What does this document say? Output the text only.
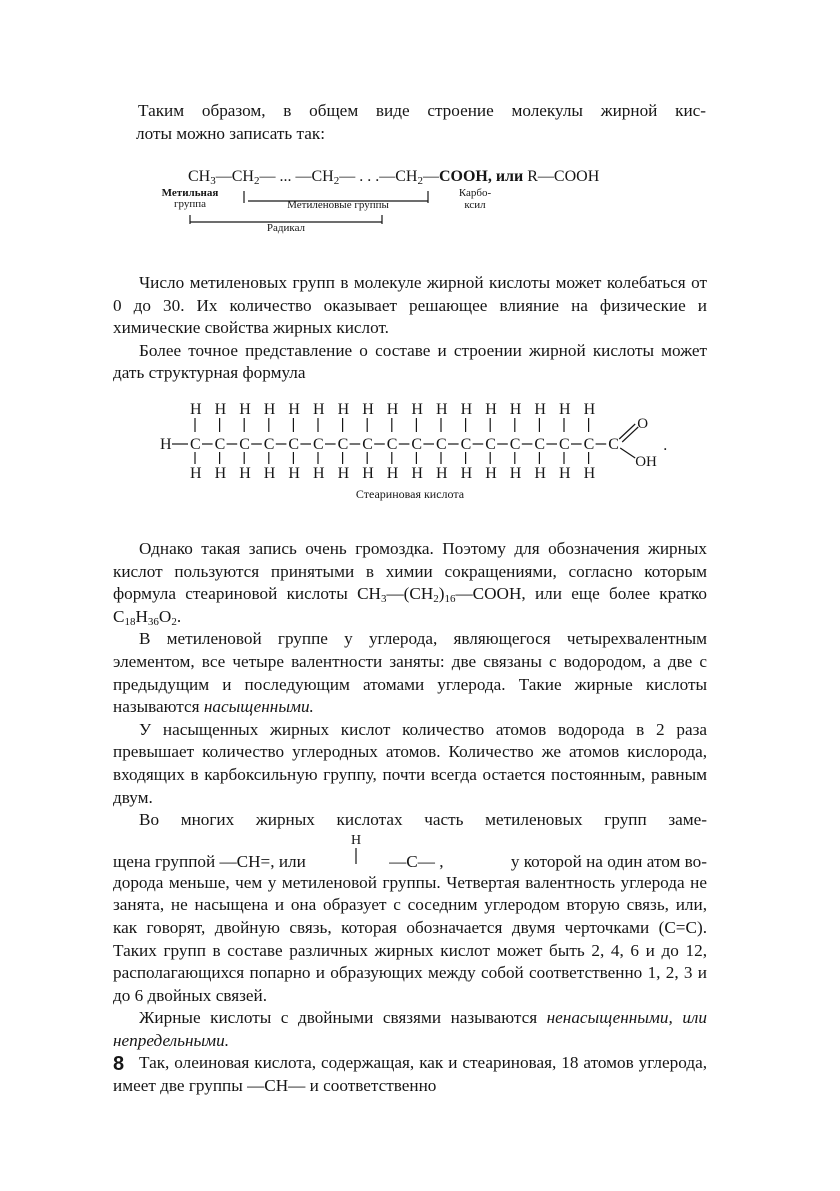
Таким образом, в общем виде строение молекулы жирной кис-
лоты можно записать так:
$CH_3$ — $CH_2$ — ... — $CH_2$ — . . . — $CH_2$ — COOH,
или
R—COOH
Метильная
группа	Метиленовые группы
Карбо-
ксил
Радикал

Число метиленовых групп в молекуле жирной кислоты может колебаться от 0 до 30. Их количество оказывает решающее влияние на физические и химические свойства жирных кислот.

Более точное представление о составе и строении жирной кислоты может дать структурная формула

H
H
C
H
H
C
H
H
C
H
H
C
H
H
C
H
H
C
H
H
C
H
H
C
H
H
C
H
H
C
H
H
C
H
H
C
H
H
C
H
H
C
H
H
C
H
H
C
H
H
C
H
C
O
OH
.
Стеариновая кислота

Однако такая запись очень громоздка. Поэтому для обозначения жирных кислот пользуются принятыми в химии сокращениями, согласно которым формула стеариновой кислоты $CH_3—(CH_2)_{16}—COOH$, или еще более кратко $C_{18}H_{36}O_2$.

В метиленовой группе у углерода, являющегося четырехвалентным элементом, все четыре валентности заняты: две связаны с водородом, а две с предыдущим и последующим атомами углерода. Такие жирные кислоты называются насыщенными.

У насыщенных жирных кислот количество атомов водорода в 2 раза превышает количество углеродных атомов. Количество же атомов кислорода, входящих в карбоксильную группу, почти всегда остается постоянным, равным двум.

Во многих жирных кислотах часть метиленовых групп заме-

H
щена группой —CH=, или	—C— ,	у которой на один атом во-

дорода меньше, чем у метиленовой группы. Четвертая валентность углерода не занята, не насыщена и она образует с соседним углеродом вторую связь, или, как говорят, двойную связь, которая обозначается двумя черточками (C=C). Таких групп в составе различных жирных кислот может быть 2, 4, 6 и до 12, располагающихся попарно и образующих между собой соответственно 1, 2, 3 и до 6 двойных связей.

Жирные кислоты с двойными связями называются ненасыщенными, или непредельными.

Так, олеиновая кислота, содержащая, как и стеариновая, 18 атомов углерода, имеет две группы —CH— и соответственно

8
